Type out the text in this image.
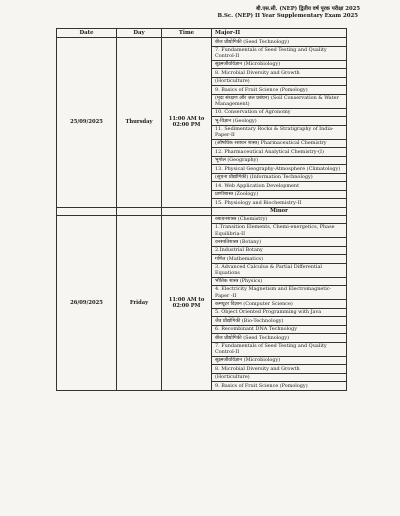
बी.एस.सी. (NEP) द्वितीय वर्ष पूरक परीक्षा 2025
B.Sc. (NEP) II Year Supplementary Exam 2025
Date	Day	Time	Major-II
25/09/2025	Thursday	11:00 AM to 02:00 PM	बीज प्रौद्योगिकी (Seed Technology)
			7. Fundamentals of Seed Testing and Quality Control-II
			सूक्ष्मजीवविज्ञान (Microbiology)
			8. Microbial Diversity and Growth
			(Horticulture)
			9. Basics of Fruit Science (Pomology)
			(मृदा संरक्षण और जल प्रबंधन) (Soil Conservation & Water Management)
			10. Conservation of Agronomy
			भू-विज्ञान (Geology)
			11. Sedimentary Rocks & Stratigraphy of India-Paper-II
			(औषधिक रसायन शास्त्र) Pharmaceutical Chemistry
			12. Pharmaceutical Analytical Chemistry-(I)
			भूगोल (Geography)
			13. Physical Geography-Atmosphere (Climatology)
			(सूचना प्रौद्योगिकी) (Information Technology)
			14. Web Application Development
			प्राणीशास्त्र (Zoology)
			15. Physiology and Biochemistry-II
			Minor
26/09/2025	Friday	11:00 AM to 02:00 PM	रसायनशास्त्र (Chemistry)
			1.Transition Elements, Chemi-energetics, Phase Equilibria-II
			वनस्पतिशास्त्र (Botany)
			2.Industrial Botany
			गणित (Mathematics)
			3. Advanced Calculus & Partial Differential Equations
			भौतिक शास्त्र (Physics)
			4. Electricity Magnetism and Electromagnetic-Paper -II
			कम्प्यूटर विज्ञान (Computer Science)
			5. Object Oriented Programming with Java
			जैव प्रौद्योगिकी (Bio-Technology)
			6. Recombinant DNA Technology
			बीज प्रौद्योगिकी (Seed Technology)
			7. Fundamentals of Seed Testing and Quality Control-II
			सूक्ष्मजीवविज्ञान (Microbiology)
			8. Microbial Diversity and Growth
			(Horticulture)
			9. Basics of Fruit Science (Pomology)
